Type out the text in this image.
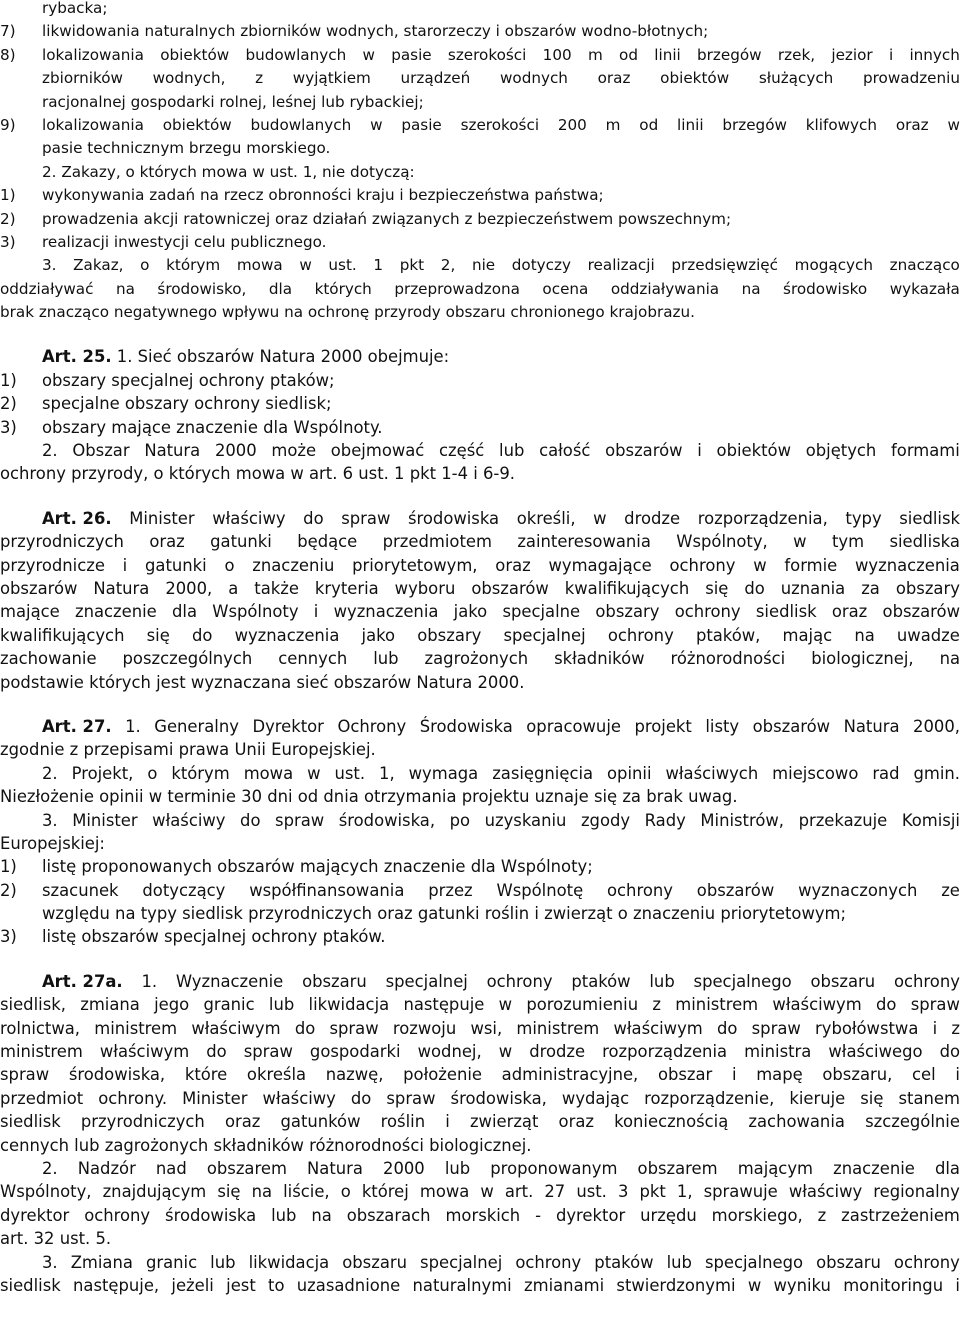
rybacka;
7) likwidowania naturalnych zbiorników wodnych, starorzeczy i obszarów wodno-błotnych;
8) lokalizowania obiektów budowlanych w pasie szerokości 100 m od linii brzegów rzek, jezior i innych
zbiorników wodnych, z wyjątkiem urządzeń wodnych oraz obiektów służących prowadzeniu
racjonalnej gospodarki rolnej, leśnej lub rybackiej;
9) lokalizowania obiektów budowlanych w pasie szerokości 200 m od linii brzegów klifowych oraz w
pasie technicznym brzegu morskiego.
2. Zakazy, o których mowa w ust. 1, nie dotyczą:
1) wykonywania zadań na rzecz obronności kraju i bezpieczeństwa państwa;
2) prowadzenia akcji ratowniczej oraz działań związanych z bezpieczeństwem powszechnym;
3) realizacji inwestycji celu publicznego.
3. Zakaz, o którym mowa w ust. 1 pkt 2, nie dotyczy realizacji przedsięwzięć mogących znacząco
oddziaływać na środowisko, dla których przeprowadzona ocena oddziaływania na środowisko wykazała
brak znacząco negatywnego wpływu na ochronę przyrody obszaru chronionego krajobrazu.
Art. 25. 1. Sieć obszarów Natura 2000 obejmuje:
1) obszary specjalnej ochrony ptaków;
2) specjalne obszary ochrony siedlisk;
3) obszary mające znaczenie dla Wspólnoty.
2. Obszar Natura 2000 może obejmować część lub całość obszarów i obiektów objętych formami
ochrony przyrody, o których mowa w art. 6 ust. 1 pkt 1-4 i 6-9.
Art. 26. Minister właściwy do spraw środowiska określi, w drodze rozporządzenia, typy siedlisk
przyrodniczych oraz gatunki będące przedmiotem zainteresowania Wspólnoty, w tym siedliska
przyrodnicze i gatunki o znaczeniu priorytetowym, oraz wymagające ochrony w formie wyznaczenia
obszarów Natura 2000, a także kryteria wyboru obszarów kwalifikujących się do uznania za obszary
mające znaczenie dla Wspólnoty i wyznaczenia jako specjalne obszary ochrony siedlisk oraz obszarów
kwalifikujących się do wyznaczenia jako obszary specjalnej ochrony ptaków, mając na uwadze
zachowanie poszczególnych cennych lub zagrożonych składników różnorodności biologicznej, na
podstawie których jest wyznaczana sieć obszarów Natura 2000.
Art. 27. 1. Generalny Dyrektor Ochrony Środowiska opracowuje projekt listy obszarów Natura 2000,
zgodnie z przepisami prawa Unii Europejskiej.
2. Projekt, o którym mowa w ust. 1, wymaga zasięgnięcia opinii właściwych miejscowo rad gmin.
Niezłożenie opinii w terminie 30 dni od dnia otrzymania projektu uznaje się za brak uwag.
3. Minister właściwy do spraw środowiska, po uzyskaniu zgody Rady Ministrów, przekazuje Komisji
Europejskiej:
1) listę proponowanych obszarów mających znaczenie dla Wspólnoty;
2) szacunek dotyczący współfinansowania przez Wspólnotę ochrony obszarów wyznaczonych ze
względu na typy siedlisk przyrodniczych oraz gatunki roślin i zwierząt o znaczeniu priorytetowym;
3) listę obszarów specjalnej ochrony ptaków.
Art. 27a. 1. Wyznaczenie obszaru specjalnej ochrony ptaków lub specjalnego obszaru ochrony
siedlisk, zmiana jego granic lub likwidacja następuje w porozumieniu z ministrem właściwym do spraw
rolnictwa, ministrem właściwym do spraw rozwoju wsi, ministrem właściwym do spraw rybołówstwa i z
ministrem właściwym do spraw gospodarki wodnej, w drodze rozporządzenia ministra właściwego do
spraw środowiska, które określa nazwę, położenie administracyjne, obszar i mapę obszaru, cel i
przedmiot ochrony. Minister właściwy do spraw środowiska, wydając rozporządzenie, kieruje się stanem
siedlisk przyrodniczych oraz gatunków roślin i zwierząt oraz koniecznością zachowania szczególnie
cennych lub zagrożonych składników różnorodności biologicznej.
2. Nadzór nad obszarem Natura 2000 lub proponowanym obszarem mającym znaczenie dla
Wspólnoty, znajdującym się na liście, o której mowa w art. 27 ust. 3 pkt 1, sprawuje właściwy regionalny
dyrektor ochrony środowiska lub na obszarach morskich - dyrektor urzędu morskiego, z zastrzeżeniem
art. 32 ust. 5.
3. Zmiana granic lub likwidacja obszaru specjalnej ochrony ptaków lub specjalnego obszaru ochrony
siedlisk następuje, jeżeli jest to uzasadnione naturalnymi zmianami stwierdzonymi w wyniku monitoringu i
